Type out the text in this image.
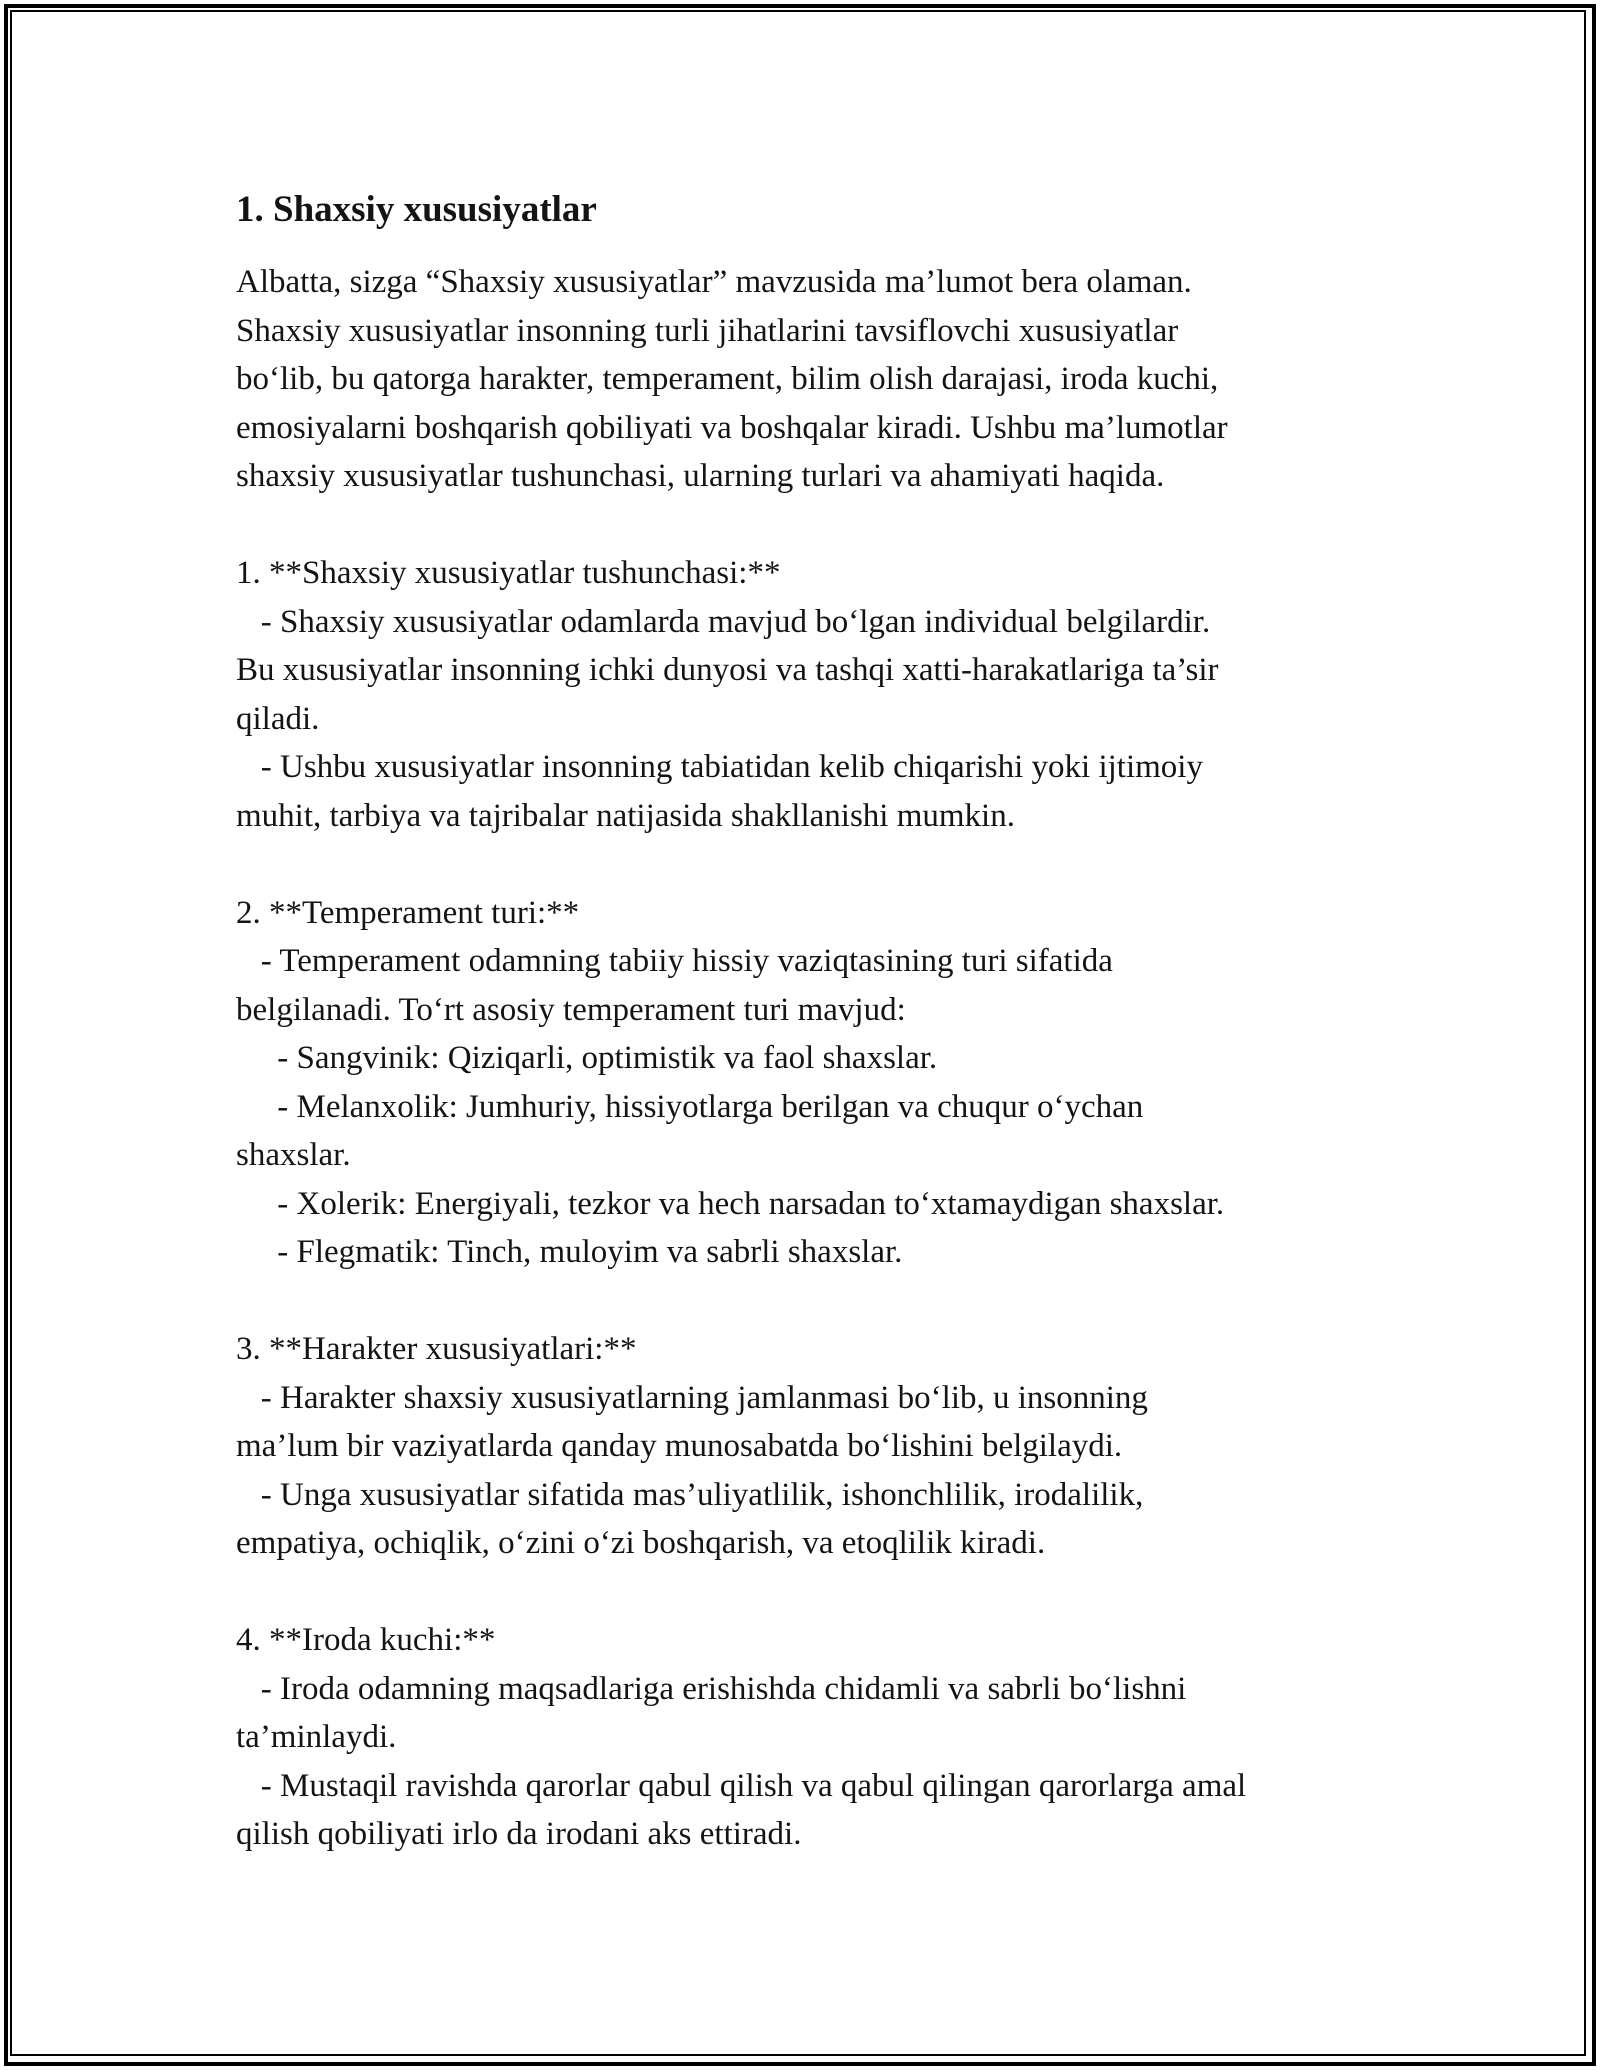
1. Shaxsiy xususiyatlar

Albatta, sizga “Shaxsiy xususiyatlar” mavzusida ma’lumot bera olaman.

Shaxsiy xususiyatlar insonning turli jihatlarini tavsiflovchi xususiyatlar

bo‘lib, bu qatorga harakter, temperament, bilim olish darajasi, iroda kuchi,

emosiyalarni boshqarish qobiliyati va boshqalar kiradi. Ushbu ma’lumotlar

shaxsiy xususiyatlar tushunchasi, ularning turlari va ahamiyati haqida.

1. **Shaxsiy xususiyatlar tushunchasi:**

- Shaxsiy xususiyatlar odamlarda mavjud bo‘lgan individual belgilardir.

Bu xususiyatlar insonning ichki dunyosi va tashqi xatti-harakatlariga ta’sir

qiladi.

- Ushbu xususiyatlar insonning tabiatidan kelib chiqarishi yoki ijtimoiy

muhit, tarbiya va tajribalar natijasida shakllanishi mumkin.

2. **Temperament turi:**

- Temperament odamning tabiiy hissiy vaziqtasining turi sifatida

belgilanadi. To‘rt asosiy temperament turi mavjud:

- Sangvinik: Qiziqarli, optimistik va faol shaxslar.

- Melanxolik: Jumhuriy, hissiyotlarga berilgan va chuqur o‘ychan

shaxslar.

- Xolerik: Energiyali, tezkor va hech narsadan to‘xtamaydigan shaxslar.

- Flegmatik: Tinch, muloyim va sabrli shaxslar.

3. **Harakter xususiyatlari:**

- Harakter shaxsiy xususiyatlarning jamlanmasi bo‘lib, u insonning

ma’lum bir vaziyatlarda qanday munosabatda bo‘lishini belgilaydi.

- Unga xususiyatlar sifatida mas’uliyatlilik, ishonchlilik, irodalilik,

empatiya, ochiqlik, o‘zini o‘zi boshqarish, va etoqlilik kiradi.

4. **Iroda kuchi:**

- Iroda odamning maqsadlariga erishishda chidamli va sabrli bo‘lishni

ta’minlaydi.

- Mustaqil ravishda qarorlar qabul qilish va qabul qilingan qarorlarga amal

qilish qobiliyati irlo da irodani aks ettiradi.
